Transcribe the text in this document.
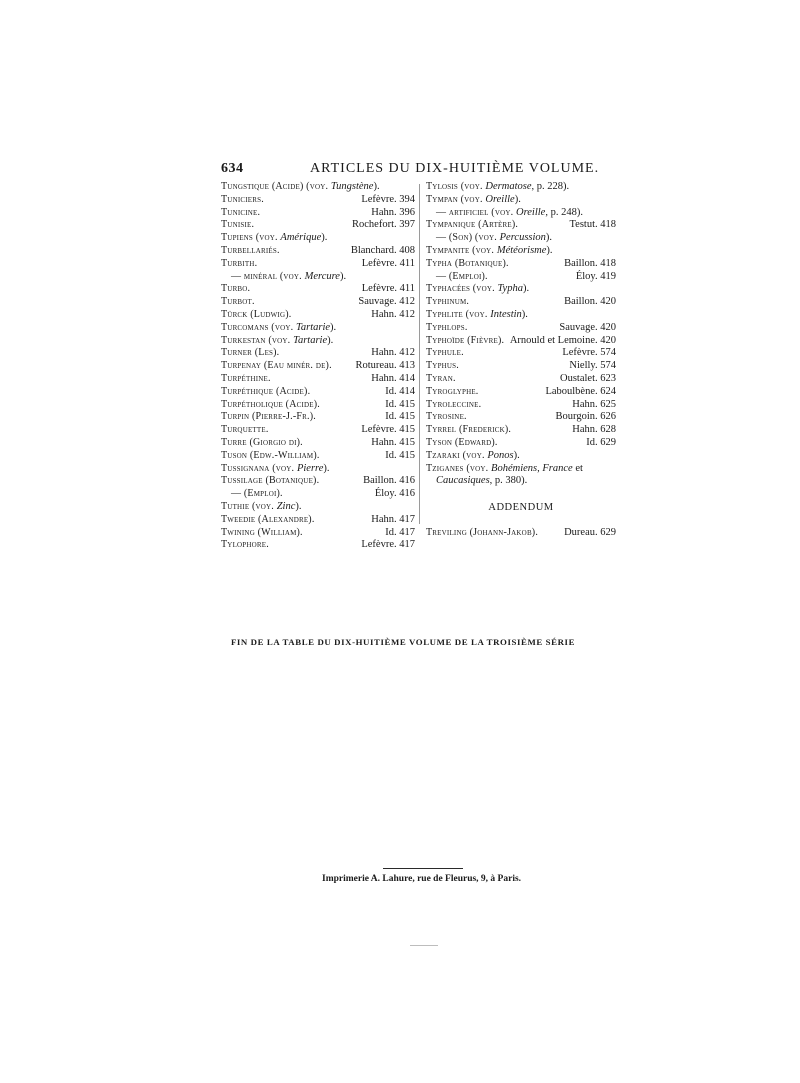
634	ARTICLES DU DIX-HUITIÈME VOLUME.
Tungstique (Acide) (voy. Tungstène).
Tuniciers.	Lefèvre. 394
Tunicine.	Hahn. 396
Tunisie.	Rochefort. 397
Tupiens (voy. Amérique).
Turbellariés.	Blanchard. 408
Turbith.	Lefèvre. 411
— minéral (voy. Mercure).
Turbo.	Lefèvre. 411
Turbot.	Sauvage. 412
Türck (Ludwig).	Hahn. 412
Turcomans (voy. Tartarie).
Turkestan (voy. Tartarie).
Turner (Les).	Hahn. 412
Turpenay (Eau minér. de). Rotureau. 413
Turpéthine.	Hahn. 414
Turpéthique (Acide).	Id. 414
Turpétholique (Acide).	Id. 415
Turpin (Pierre-J.-Fr.).	Id. 415
Turquette.	Lefèvre. 415
Turre (Giorgio di).	Hahn. 415
Tuson (Edw.-William).	Id. 415
Tussignana (voy. Pierre).
Tussilage (Botanique).	Baillon. 416
— (Emploi).	Éloy. 416
Tuthie (voy. Zinc).
Tweedie (Alexandre).	Hahn. 417
Twining (William).	Id. 417
Tylophore.	Lefèvre. 417
Tylosis (voy. Dermatose, p. 228).
Tympan (voy. Oreille).
— artificiel (voy. Oreille, p. 248).
Tympanique (Artère).	Testut. 418
— (Son) (voy. Percussion).
Tympanite (voy. Météorisme).
Typha (Botanique).	Baillon. 418
— (Emploi).	Éloy. 419
Typhacées (voy. Typha).
Typhinum.	Baillon. 420
Typhlite (voy. Intestin).
Typhlops.	Sauvage. 420
Typhoïde (Fièvre). Arnould et Lemoine. 420
Typhule.	Lefèvre. 574
Typhus.	Nielly. 574
Tyran.	Oustalet. 623
Tyroglyphe.	Laboulbène. 624
Tyroleccine.	Hahn. 625
Tyrosine.	Bourgoin. 626
Tyrrel (Frederick).	Hahn. 628
Tyson (Edward).	Id. 629
Tzaraki (voy. Ponos).
Tziganes (voy. Bohémiens, France et
Caucasiques, p. 380).
ADDENDUM
Treviling (Johann-Jakob). Dureau. 629
FIN DE LA TABLE DU DIX-HUITIÈME VOLUME DE LA TROISIÈME SÉRIE
Imprimerie A. Lahure, rue de Fleurus, 9, à Paris.
